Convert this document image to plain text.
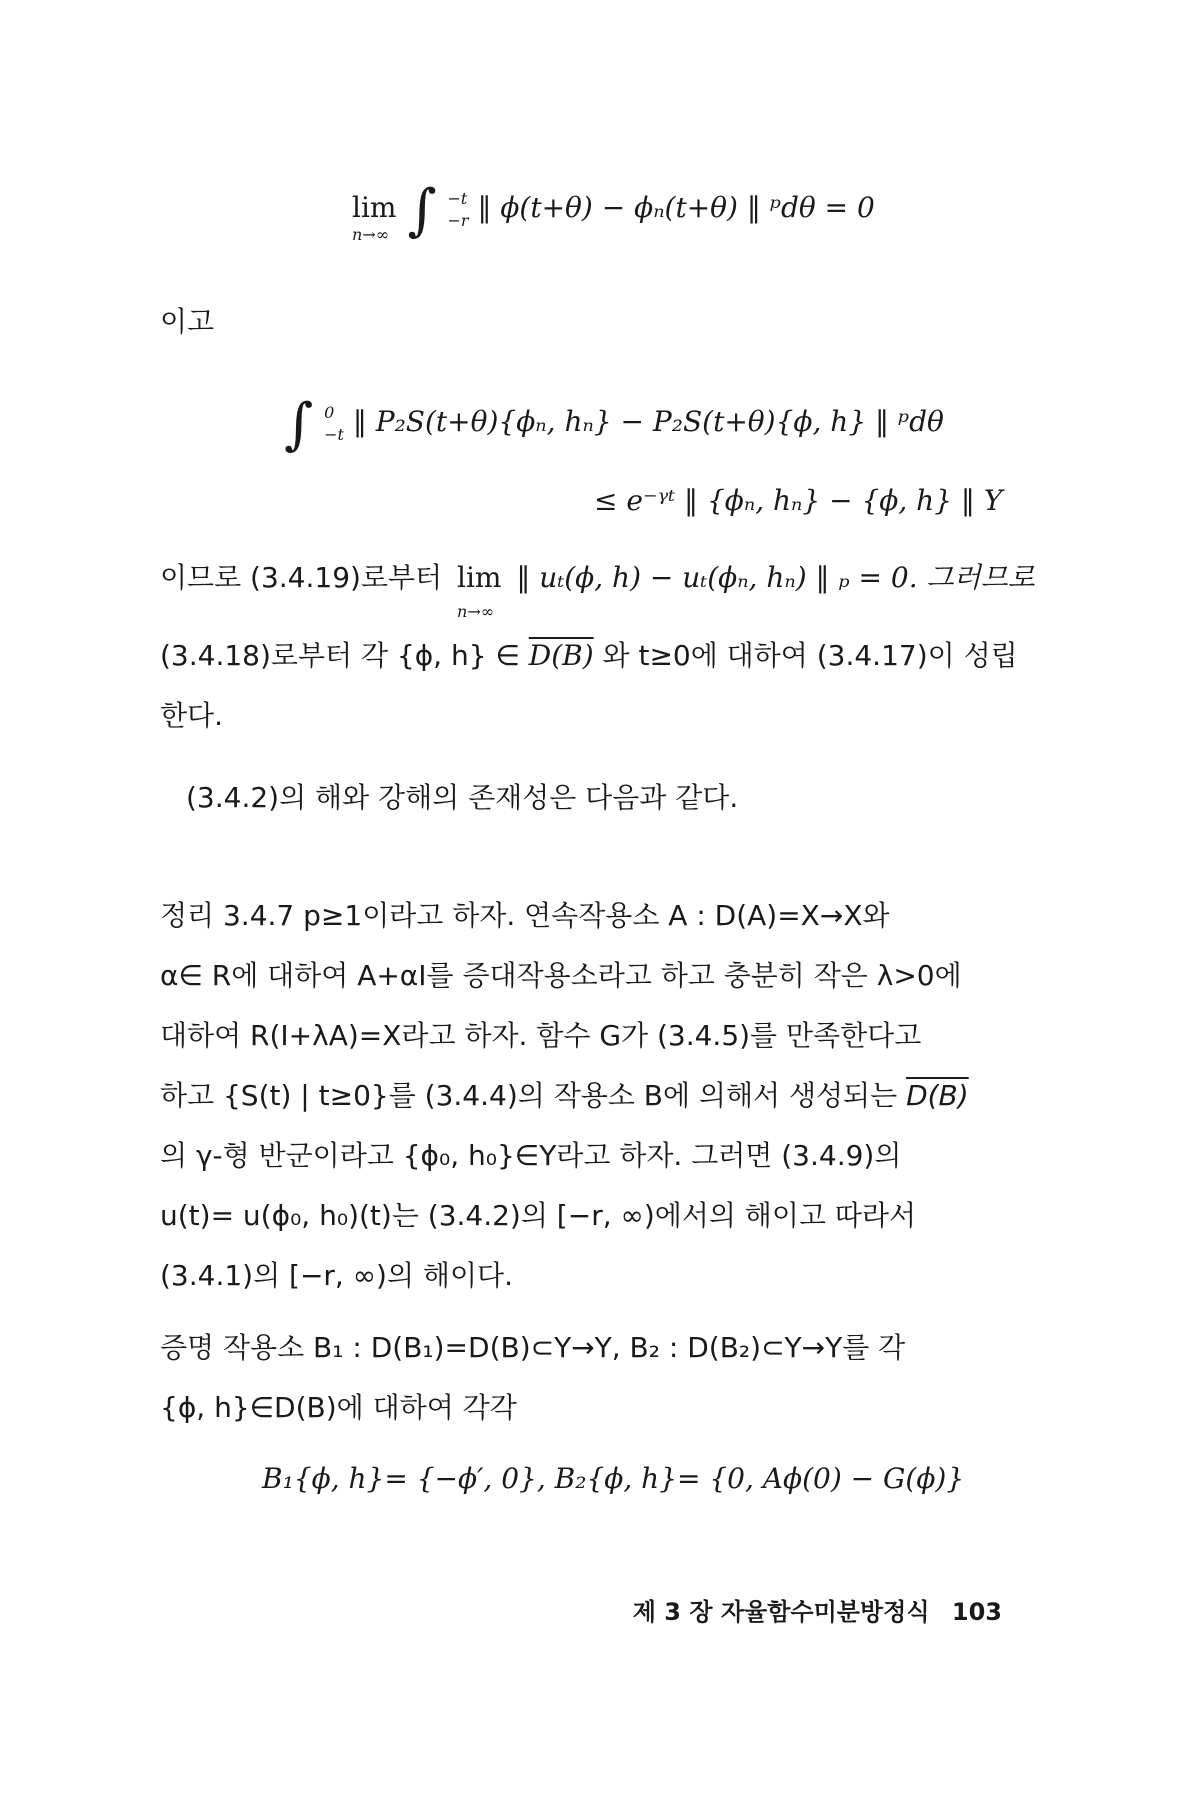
lim
n→∞ ∫ −t
−r ‖ ϕ(t+θ) − ϕₙ(t+θ) ‖ ᵖdθ = 0
이고
∫ 0
−t ‖ P₂S(t+θ){ϕₙ, hₙ} − P₂S(t+θ){ϕ, h} ‖ ᵖdθ
≤ e⁻ᵞᵗ ‖ {ϕₙ, hₙ} − {ϕ, h} ‖ Y
이므로 (3.4.19)로부터 lim
n→∞
‖ uₜ(ϕ, h) − uₜ(ϕₙ, hₙ) ‖ ₚ = 0. 그러므로
(3.4.18)로부터 각 {ϕ, h} ∈ D(B) 와 t≥0에 대하여 (3.4.17)이 성립
한다.
(3.4.2)의 해와 강해의 존재성은 다음과 같다.
정리 3.4.7 p≥1이라고 하자. 연속작용소 A : D(A)=X→X와
α∈ R에 대하여 A+αI를 증대작용소라고 하고 충분히 작은 λ>0에
대하여 R(I+λA)=X라고 하자. 함수 G가 (3.4.5)를 만족한다고
하고 {S(t) | t≥0}를 (3.4.4)의 작용소 B에 의해서 생성되는 D(B)
의 γ-형 반군이라고 {ϕ₀, h₀}∈Y라고 하자. 그러면 (3.4.9)의
u(t)= u(ϕ₀, h₀)(t)는 (3.4.2)의 [−r, ∞)에서의 해이고 따라서
(3.4.1)의 [−r, ∞)의 해이다.
증명 작용소 B₁ : D(B₁)=D(B)⊂Y→Y, B₂ : D(B₂)⊂Y→Y를 각
{ϕ, h}∈D(B)에 대하여 각각
B₁{ϕ, h}= {−ϕ′, 0}, B₂{ϕ, h}= {0, Aϕ(0) − G(ϕ)}
제 3 장 자율함수미분방정식 103
